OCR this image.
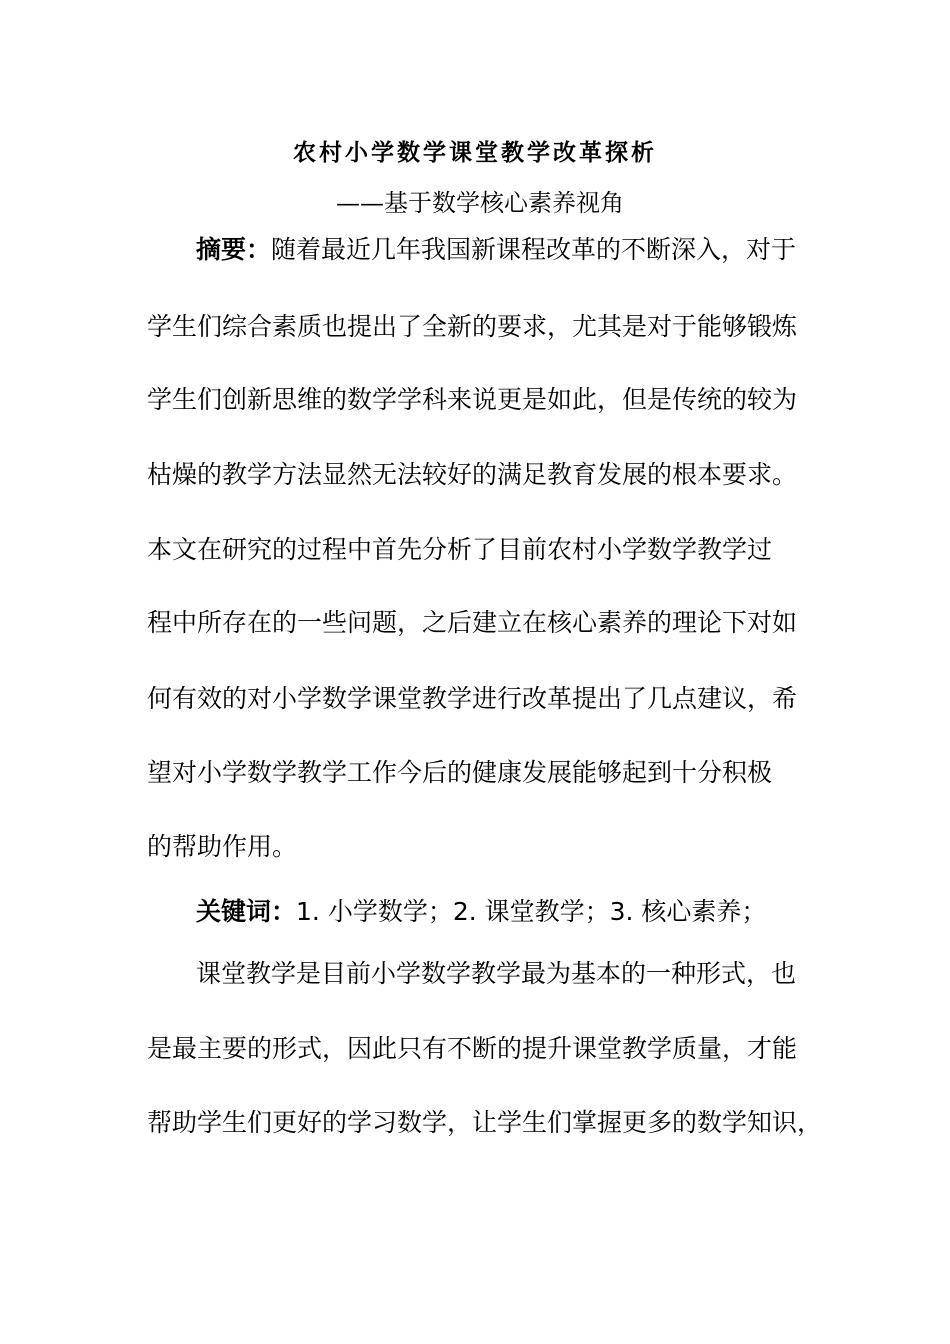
农村小学数学课堂教学改革探析
——基于数学核心素养视角
摘要：随着最近几年我国新课程改革的不断深入，对于
学生们综合素质也提出了全新的要求，尤其是对于能够锻炼
学生们创新思维的数学学科来说更是如此，但是传统的较为
枯燥的教学方法显然无法较好的满足教育发展的根本要求。
本文在研究的过程中首先分析了目前农村小学数学教学过
程中所存在的一些问题，之后建立在核心素养的理论下对如
何有效的对小学数学课堂教学进行改革提出了几点建议，希
望对小学数学教学工作今后的健康发展能够起到十分积极
的帮助作用。
关键词：1. 小学数学；2. 课堂教学；3. 核心素养；
课堂教学是目前小学数学教学最为基本的一种形式，也
是最主要的形式，因此只有不断的提升课堂教学质量，才能
帮助学生们更好的学习数学，让学生们掌握更多的数学知识，
